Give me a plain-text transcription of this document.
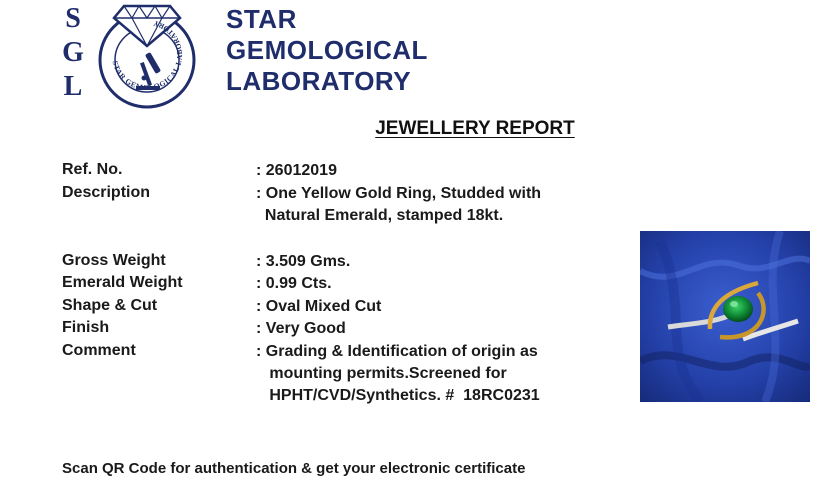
S
G
L
STAR GEMOLOGICAL LABORATORY	STAR
GEMOLOGICAL
LABORATORY
JEWELLERY REPORT
Ref. No.	: 26012019
Description	: One Yellow Gold Ring, Studded with
Natural Emerald, stamped 18kt.
Gross Weight	: 3.509 Gms.
Emerald Weight	: 0.99 Cts.
Shape & Cut	: Oval Mixed Cut
Finish	: Very Good
Comment	: Grading & Identification of origin as
mounting permits.Screened for
HPHT/CVD/Synthetics. #  18RC0231
Scan QR Code for authentication & get your electronic certificate
